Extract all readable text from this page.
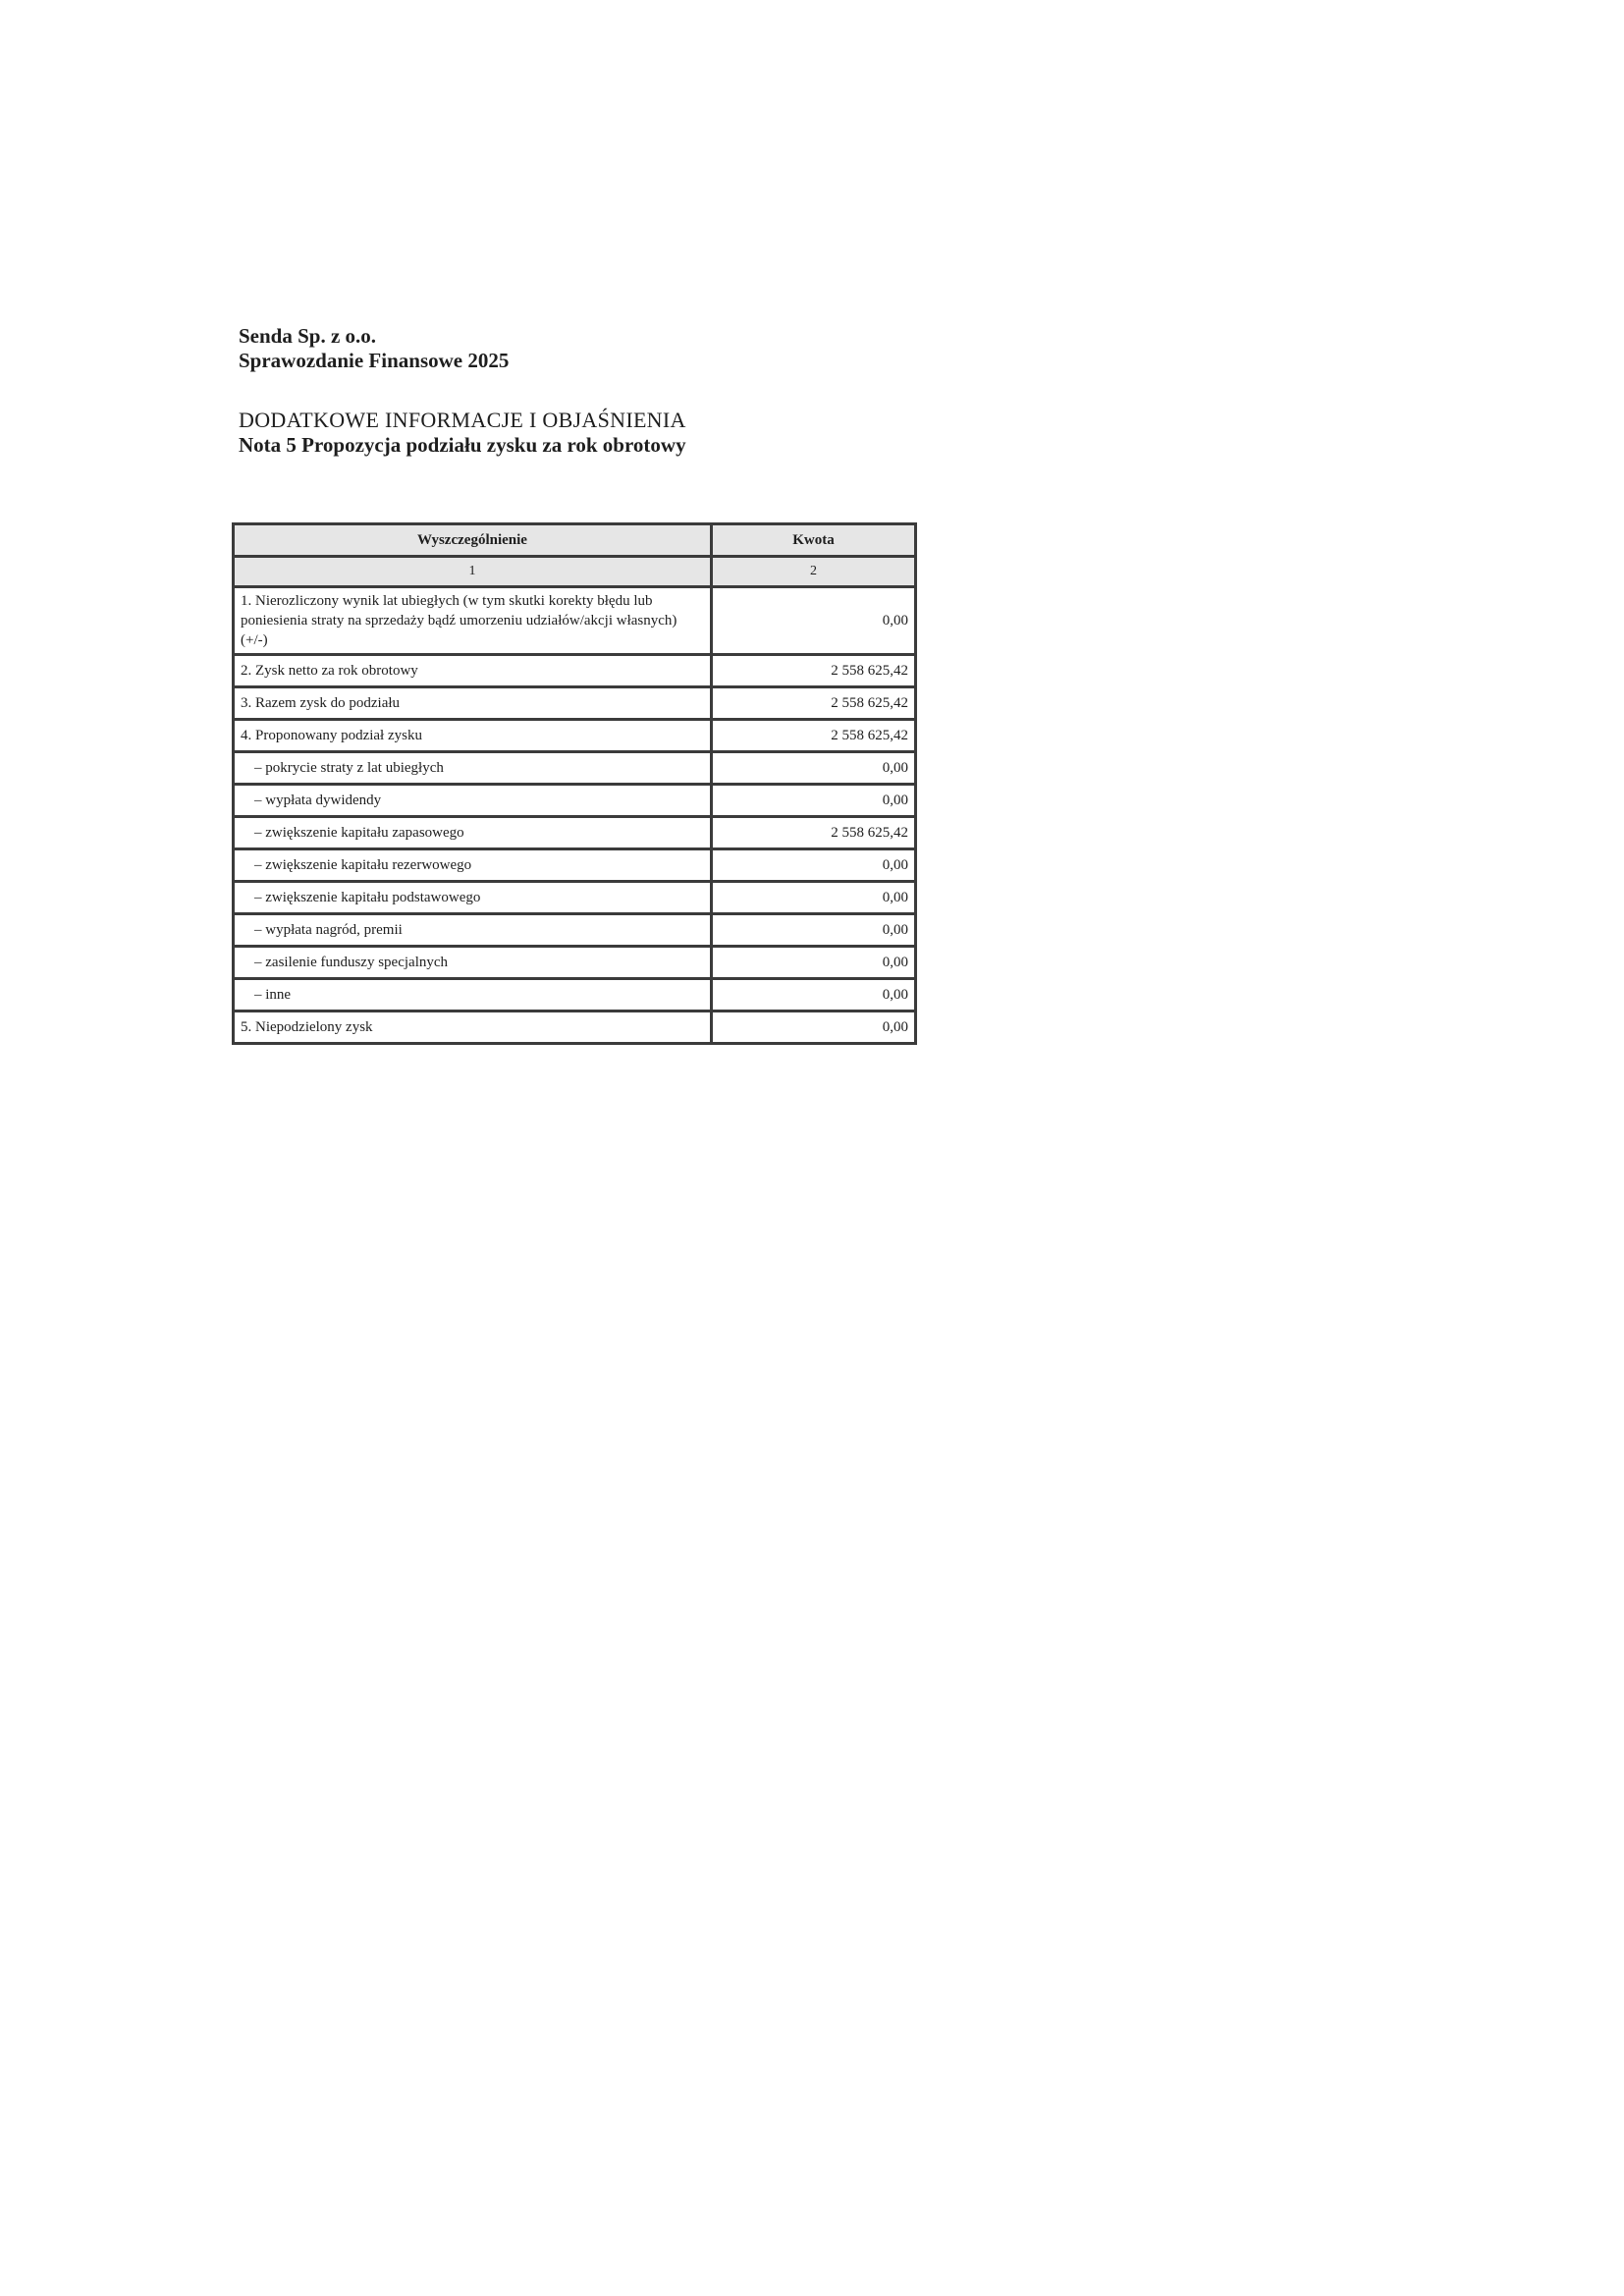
Senda Sp. z o.o.
Sprawozdanie Finansowe 2025
DODATKOWE INFORMACJE I OBJAŚNIENIA
Nota 5 Propozycja podziału zysku za rok obrotowy
Wyszczególnienie	Kwota
1	2
1. Nierozliczony wynik lat ubiegłych (w tym skutki korekty błędu lub poniesienia straty na sprzedaży bądź umorzeniu udziałów/akcji własnych) (+/-)	0,00
2. Zysk netto za rok obrotowy	2 558 625,42
3. Razem zysk do podziału	2 558 625,42
4. Proponowany podział zysku	2 558 625,42
– pokrycie straty z lat ubiegłych	0,00
– wypłata dywidendy	0,00
– zwiększenie kapitału zapasowego	2 558 625,42
– zwiększenie kapitału rezerwowego	0,00
– zwiększenie kapitału podstawowego	0,00
– wypłata nagród, premii	0,00
– zasilenie funduszy specjalnych	0,00
– inne	0,00
5. Niepodzielony zysk	0,00
